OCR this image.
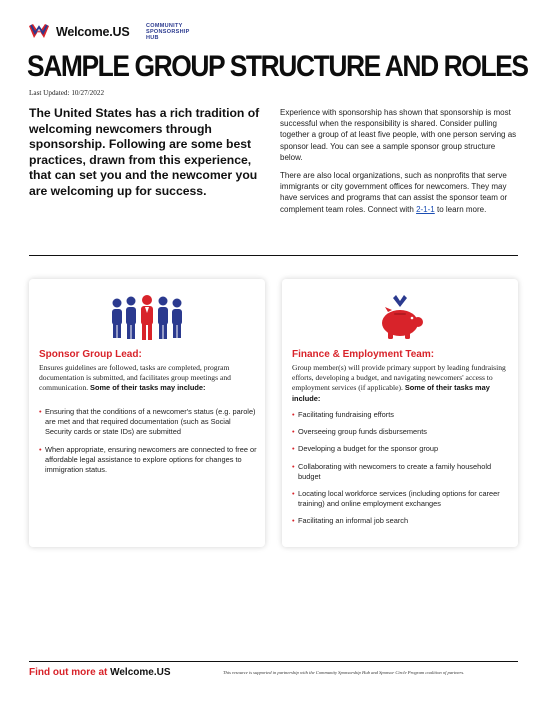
Welcome.US	COMMUNITY
SPONSORSHIP
HUB
SAMPLE GROUP STRUCTURE AND ROLES
Last Updated: 10/27/2022
The United States has a rich tradition of welcoming newcomers through sponsorship. Following are some best practices, drawn from this experience, that can set you and the newcomer you are welcoming up for success.

Experience with sponsorship has shown that sponsorship is most successful when the responsibility is shared. Consider pulling together a group of at least five people, with one person serving as sponsor lead. You can see a sample sponsor group structure below.

There are also local organizations, such as nonprofits that serve immigrants or city government offices for newcomers. They may have services and programs that can assist the sponsor team or complement team roles. Connect with 2-1-1 to learn more.

Sponsor Group Lead:
Ensures guidelines are followed, tasks are completed, program documentation is submitted, and facilitates group meetings and communication. Some of their tasks may include:
• Ensuring that the conditions of a newcomer's status (e.g. parole) are met and that required documentation (such as Social Security cards or state IDs) are submitted
• When appropriate, ensuring newcomers are connected to free or affordable legal assistance to explore options for changes to immigration status.
Finance & Employment Team:
Group member(s) will provide primary support by leading fundraising efforts, developing a budget, and navigating newcomers' access to employment services (if applicable). Some of their tasks may include:
• Facilitating fundraising efforts
• Overseeing group funds disbursements
• Developing a budget for the sponsor group
• Collaborating with newcomers to create a family household budget
• Locating local workforce services (including options for career training) and online employment exchanges
• Facilitating an informal job search
Find out more at Welcome.US	This resource is supported in partnership with the Community Sponsorship Hub and Sponsor Circle Program coalition of partners.
